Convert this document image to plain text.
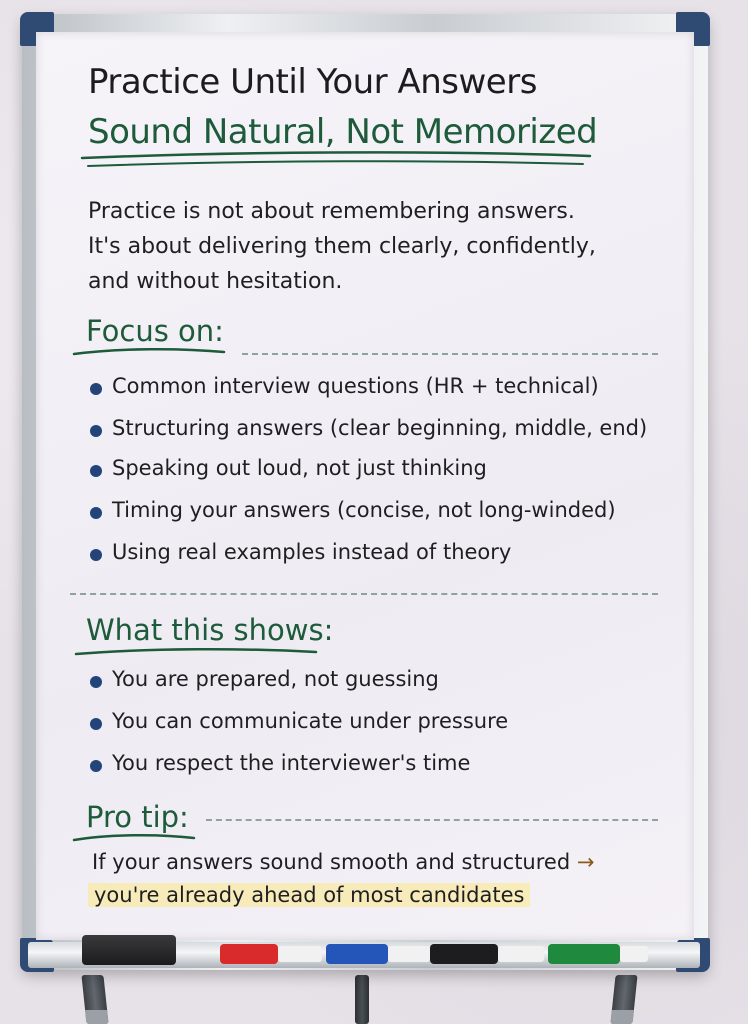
Practice Until Your Answers
Sound Natural, Not Memorized
Practice is not about remembering answers.
It's about delivering them clearly, confidently,
and without hesitation.
Focus on:
Common interview questions (HR + technical)
Structuring answers (clear beginning, middle, end)
Speaking out loud, not just thinking
Timing your answers (concise, not long-winded)
Using real examples instead of theory
What this shows:
You are prepared, not guessing
You can communicate under pressure
You respect the interviewer's time
Pro tip:
If your answers sound smooth and structured →
you're already ahead of most candidates
